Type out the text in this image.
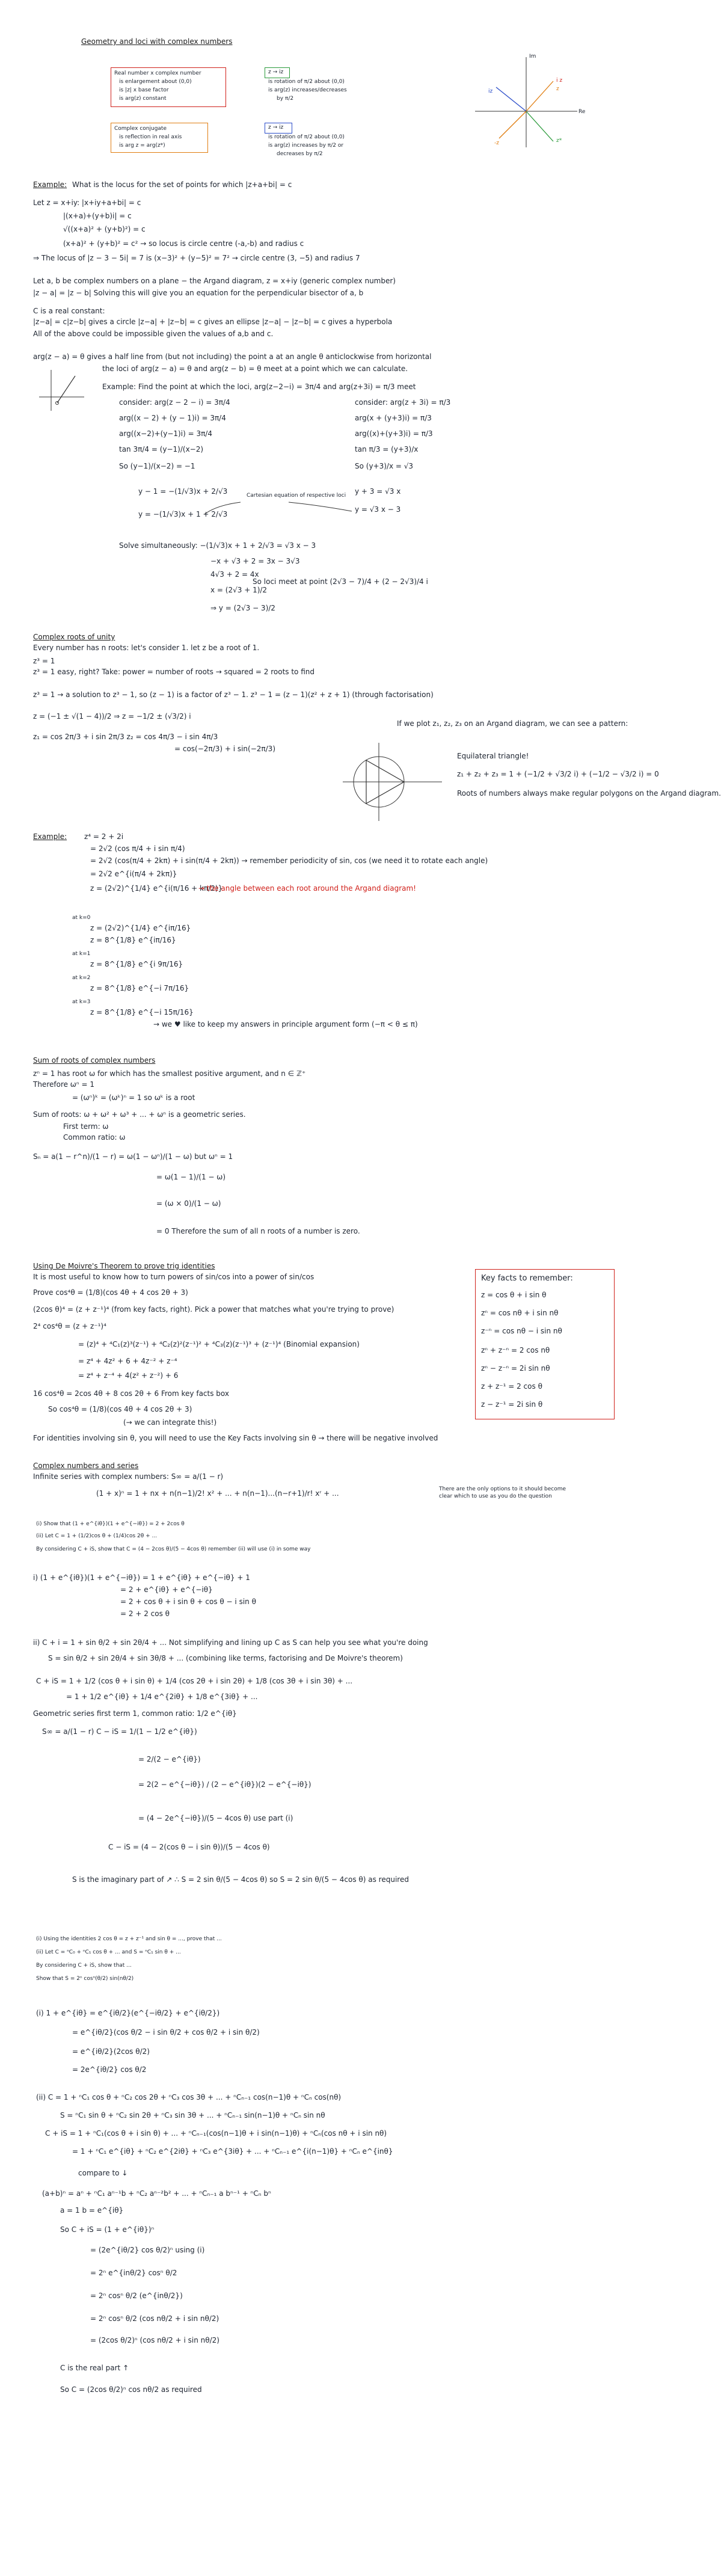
Geometry and loci with complex numbers
Real number x complex number
is enlargement about (0,0)
is |z| x base factor
is arg(z) constant
Complex conjugate
is reflection in real axis
is arg z = arg(z*)
z → iz
is rotation of π/2 about (0,0)
is arg(z) increases/decreases
by π/2
z → iz
is rotation of π/2 about (0,0)
is arg(z) increases by π/2 or
decreases by π/2
Im
Re
i z
z
z*
-z
iz
Example: What is the locus for the set of points for which |z+a+bi| = c
Let z = x+iy: |x+iy+a+bi| = c
|(x+a)+(y+b)i| = c
√((x+a)² + (y+b)²) = c
(x+a)² + (y+b)² = c² → so locus is circle centre (-a,-b) and radius c
⇒ The locus of |z − 3 − 5i| = 7 is (x−3)² + (y−5)² = 7² → circle centre (3, −5) and radius 7
Let a, b be complex numbers on a plane − the Argand diagram, z = x+iy (generic complex number)
|z − a| = |z − b| Solving this will give you an equation for the perpendicular bisector of a, b
C is a real constant:
|z−a| = c|z−b| gives a circle |z−a| + |z−b| = c gives an ellipse |z−a| − |z−b| = c gives a hyperbola
All of the above could be impossible given the values of a,b and c.
arg(z − a) = θ gives a half line from (but not including) the point a at an angle θ anticlockwise from horizontal
the loci of arg(z − a) = θ and arg(z − b) = θ meet at a point which we can calculate.
Example: Find the point at which the loci, arg(z−2−i) = 3π/4 and arg(z+3i) = π/3 meet
consider: arg(z − 2 − i) = 3π/4
arg((x − 2) + (y − 1)i) = 3π/4
arg((x−2)+(y−1)i) = 3π/4
tan 3π/4 = (y−1)/(x−2)
So (y−1)/(x−2) = −1
y − 1 = −(1/√3)x + 2/√3
y = −(1/√3)x + 1 + 2/√3
consider: arg(z + 3i) = π/3
arg(x + (y+3)i) = π/3
arg((x)+(y+3)i) = π/3
tan π/3 = (y+3)/x
So (y+3)/x = √3
y + 3 = √3 x
y = √3 x − 3
Cartesian equation of respective loci
Solve simultaneously: −(1/√3)x + 1 + 2/√3 = √3 x − 3
−x + √3 + 2 = 3x − 3√3
4√3 + 2 = 4x
x = (2√3 + 1)/2
⇒ y = (2√3 − 3)/2
So loci meet at point (2√3 − 7)/4 + (2 − 2√3)/4 i
Complex roots of unity
Every number has n roots: let's consider 1. let z be a root of 1.
z³ = 1
z³ = 1 easy, right? Take: power = number of roots → squared = 2 roots to find
z³ = 1 → a solution to z³ − 1, so (z − 1) is a factor of z³ − 1. z³ − 1 = (z − 1)(z² + z + 1) (through factorisation)
z = (−1 ± √(1 − 4))/2 ⇒ z = −1/2 ± (√3/2) i
z₁ = cos 2π/3 + i sin 2π/3 z₂ = cos 4π/3 − i sin 4π/3
= cos(−2π/3) + i sin(−2π/3)
If we plot z₁, z₂, z₃ on an Argand diagram, we can see a pattern:
Equilateral triangle!
z₁ + z₂ + z₃ = 1 + (−1/2 + √3/2 i) + (−1/2 − √3/2 i) = 0
Roots of numbers always make regular polygons on the Argand diagram.
Example: z⁴ = 2 + 2i
= 2√2 (cos π/4 + i sin π/4)
= 2√2 (cos(π/4 + 2kπ) + i sin(π/4 + 2kπ)) → remember periodicity of sin, cos (we need it to rotate each angle)
= 2√2 e^{i(π/4 + 2kπ)}
z = (2√2)^{1/4} e^{i(π/16 + kπ/2)}
→ the angle between each root around the Argand diagram!
at k=0
z = (2√2)^{1/4} e^{iπ/16}
z = 8^{1/8} e^{iπ/16}
at k=1
z = 8^{1/8} e^{i 9π/16}
at k=2
z = 8^{1/8} e^{−i 7π/16}
at k=3
z = 8^{1/8} e^{−i 15π/16}
→ we ♥ like to keep my answers in principle argument form (−π < θ ≤ π)
Sum of roots of complex numbers
zⁿ = 1 has root ω for which has the smallest positive argument, and n ∈ ℤ⁺
Therefore ωⁿ = 1
= (ωⁿ)ᵏ = (ωᵏ)ⁿ = 1 so ωᵏ is a root
Sum of roots: ω + ω² + ω³ + ... + ωⁿ is a geometric series.
First term: ω
Common ratio: ω
Sₙ = a(1 − r^n)/(1 − r) = ω(1 − ωⁿ)/(1 − ω) but ωⁿ = 1
= ω(1 − 1)/(1 − ω)
= (ω × 0)/(1 − ω)
= 0 Therefore the sum of all n roots of a number is zero.
Using De Moivre's Theorem to prove trig identities
It is most useful to know how to turn powers of sin/cos into a power of sin/cos
Prove cos⁴θ = (1/8)(cos 4θ + 4 cos 2θ + 3)
(2cos θ)⁴ = (z + z⁻¹)⁴ (from key facts, right). Pick a power that matches what you're trying to prove)
2⁴ cos⁴θ = (z + z⁻¹)⁴
= (z)⁴ + ⁴C₁(z)³(z⁻¹) + ⁴C₂(z)²(z⁻¹)² + ⁴C₃(z)(z⁻¹)³ + (z⁻¹)⁴ (Binomial expansion)
= z⁴ + 4z² + 6 + 4z⁻² + z⁻⁴
= z⁴ + z⁻⁴ + 4(z² + z⁻²) + 6
16 cos⁴θ = 2cos 4θ + 8 cos 2θ + 6 From key facts box
So cos⁴θ = (1/8)(cos 4θ + 4 cos 2θ + 3)
(→ we can integrate this!)
For identities involving sin θ, you will need to use the Key Facts involving sin θ → there will be negative involved
Key facts to remember:
z = cos θ + i sin θ
zⁿ = cos nθ + i sin nθ
z⁻ⁿ = cos nθ − i sin nθ
zⁿ + z⁻ⁿ = 2 cos nθ
zⁿ − z⁻ⁿ = 2i sin nθ
z + z⁻¹ = 2 cos θ
z − z⁻¹ = 2i sin θ
Complex numbers and series
Infinite series with complex numbers: S∞ = a/(1 − r)
(1 + x)ⁿ = 1 + nx + n(n−1)/2! x² + ... + n(n−1)...(n−r+1)/r! xʳ + ...	There are the only options to it should become clear which to use as you do the question
(i) Show that (1 + e^{iθ})(1 + e^{−iθ}) = 2 + 2cos θ
(ii) Let C = 1 + (1/2)cos θ + (1/4)cos 2θ + ...
By considering C + iS, show that C = (4 − 2cos θ)/(5 − 4cos θ) remember (ii) will use (i) in some way
i) (1 + e^{iθ})(1 + e^{−iθ}) = 1 + e^{iθ} + e^{−iθ} + 1
= 2 + e^{iθ} + e^{−iθ}
= 2 + cos θ + i sin θ + cos θ − i sin θ
= 2 + 2 cos θ
ii) C + i = 1 + sin θ/2 + sin 2θ/4 + ... Not simplifying and lining up C as S can help you see what you're doing
S = sin θ/2 + sin 2θ/4 + sin 3θ/8 + ... (combining like terms, factorising and De Moivre's theorem)
C + iS = 1 + 1/2 (cos θ + i sin θ) + 1/4 (cos 2θ + i sin 2θ) + 1/8 (cos 3θ + i sin 3θ) + ...
= 1 + 1/2 e^{iθ} + 1/4 e^{2iθ} + 1/8 e^{3iθ} + ...
Geometric series first term 1, common ratio: 1/2 e^{iθ}
S∞ = a/(1 − r) C − iS = 1/(1 − 1/2 e^{iθ})
= 2/(2 − e^{iθ})
= 2(2 − e^{−iθ}) / (2 − e^{iθ})(2 − e^{−iθ})
= (4 − 2e^{−iθ})/(5 − 4cos θ) use part (i)
C − iS = (4 − 2(cos θ − i sin θ))/(5 − 4cos θ)
S is the imaginary part of ↗ ∴ S = 2 sin θ/(5 − 4cos θ) so S = 2 sin θ/(5 − 4cos θ) as required
(i) Using the identities 2 cos θ = z + z⁻¹ and sin θ = ..., prove that ...
(ii) Let C = ⁿC₀ + ⁿC₁ cos θ + ... and S = ⁿC₁ sin θ + ...
By considering C + iS, show that ...
Show that S = 2ⁿ cosⁿ(θ/2) sin(nθ/2)
(i) 1 + e^{iθ} = e^{iθ/2}(e^{−iθ/2} + e^{iθ/2})
= e^{iθ/2}(cos θ/2 − i sin θ/2 + cos θ/2 + i sin θ/2)
= e^{iθ/2}(2cos θ/2)
= 2e^{iθ/2} cos θ/2
(ii) C = 1 + ⁿC₁ cos θ + ⁿC₂ cos 2θ + ⁿC₃ cos 3θ + ... + ⁿCₙ₋₁ cos(n−1)θ + ⁿCₙ cos(nθ)
S = ⁿC₁ sin θ + ⁿC₂ sin 2θ + ⁿC₃ sin 3θ + ... + ⁿCₙ₋₁ sin(n−1)θ + ⁿCₙ sin nθ
C + iS = 1 + ⁿC₁(cos θ + i sin θ) + ... + ⁿCₙ₋₁(cos(n−1)θ + i sin(n−1)θ) + ⁿCₙ(cos nθ + i sin nθ)
= 1 + ⁿC₁ e^{iθ} + ⁿC₂ e^{2iθ} + ⁿC₃ e^{3iθ} + ... + ⁿCₙ₋₁ e^{i(n−1)θ} + ⁿCₙ e^{inθ}
compare to ↓
(a+b)ⁿ = aⁿ + ⁿC₁ aⁿ⁻¹b + ⁿC₂ aⁿ⁻²b² + ... + ⁿCₙ₋₁ a bⁿ⁻¹ + ⁿCₙ bⁿ
a = 1 b = e^{iθ}
So C + iS = (1 + e^{iθ})ⁿ
= (2e^{iθ/2} cos θ/2)ⁿ using (i)
= 2ⁿ e^{inθ/2} cosⁿ θ/2
= 2ⁿ cosⁿ θ/2 (e^{inθ/2})
= 2ⁿ cosⁿ θ/2 (cos nθ/2 + i sin nθ/2)
= (2cos θ/2)ⁿ (cos nθ/2 + i sin nθ/2)
C is the real part ↑
So C = (2cos θ/2)ⁿ cos nθ/2 as required
